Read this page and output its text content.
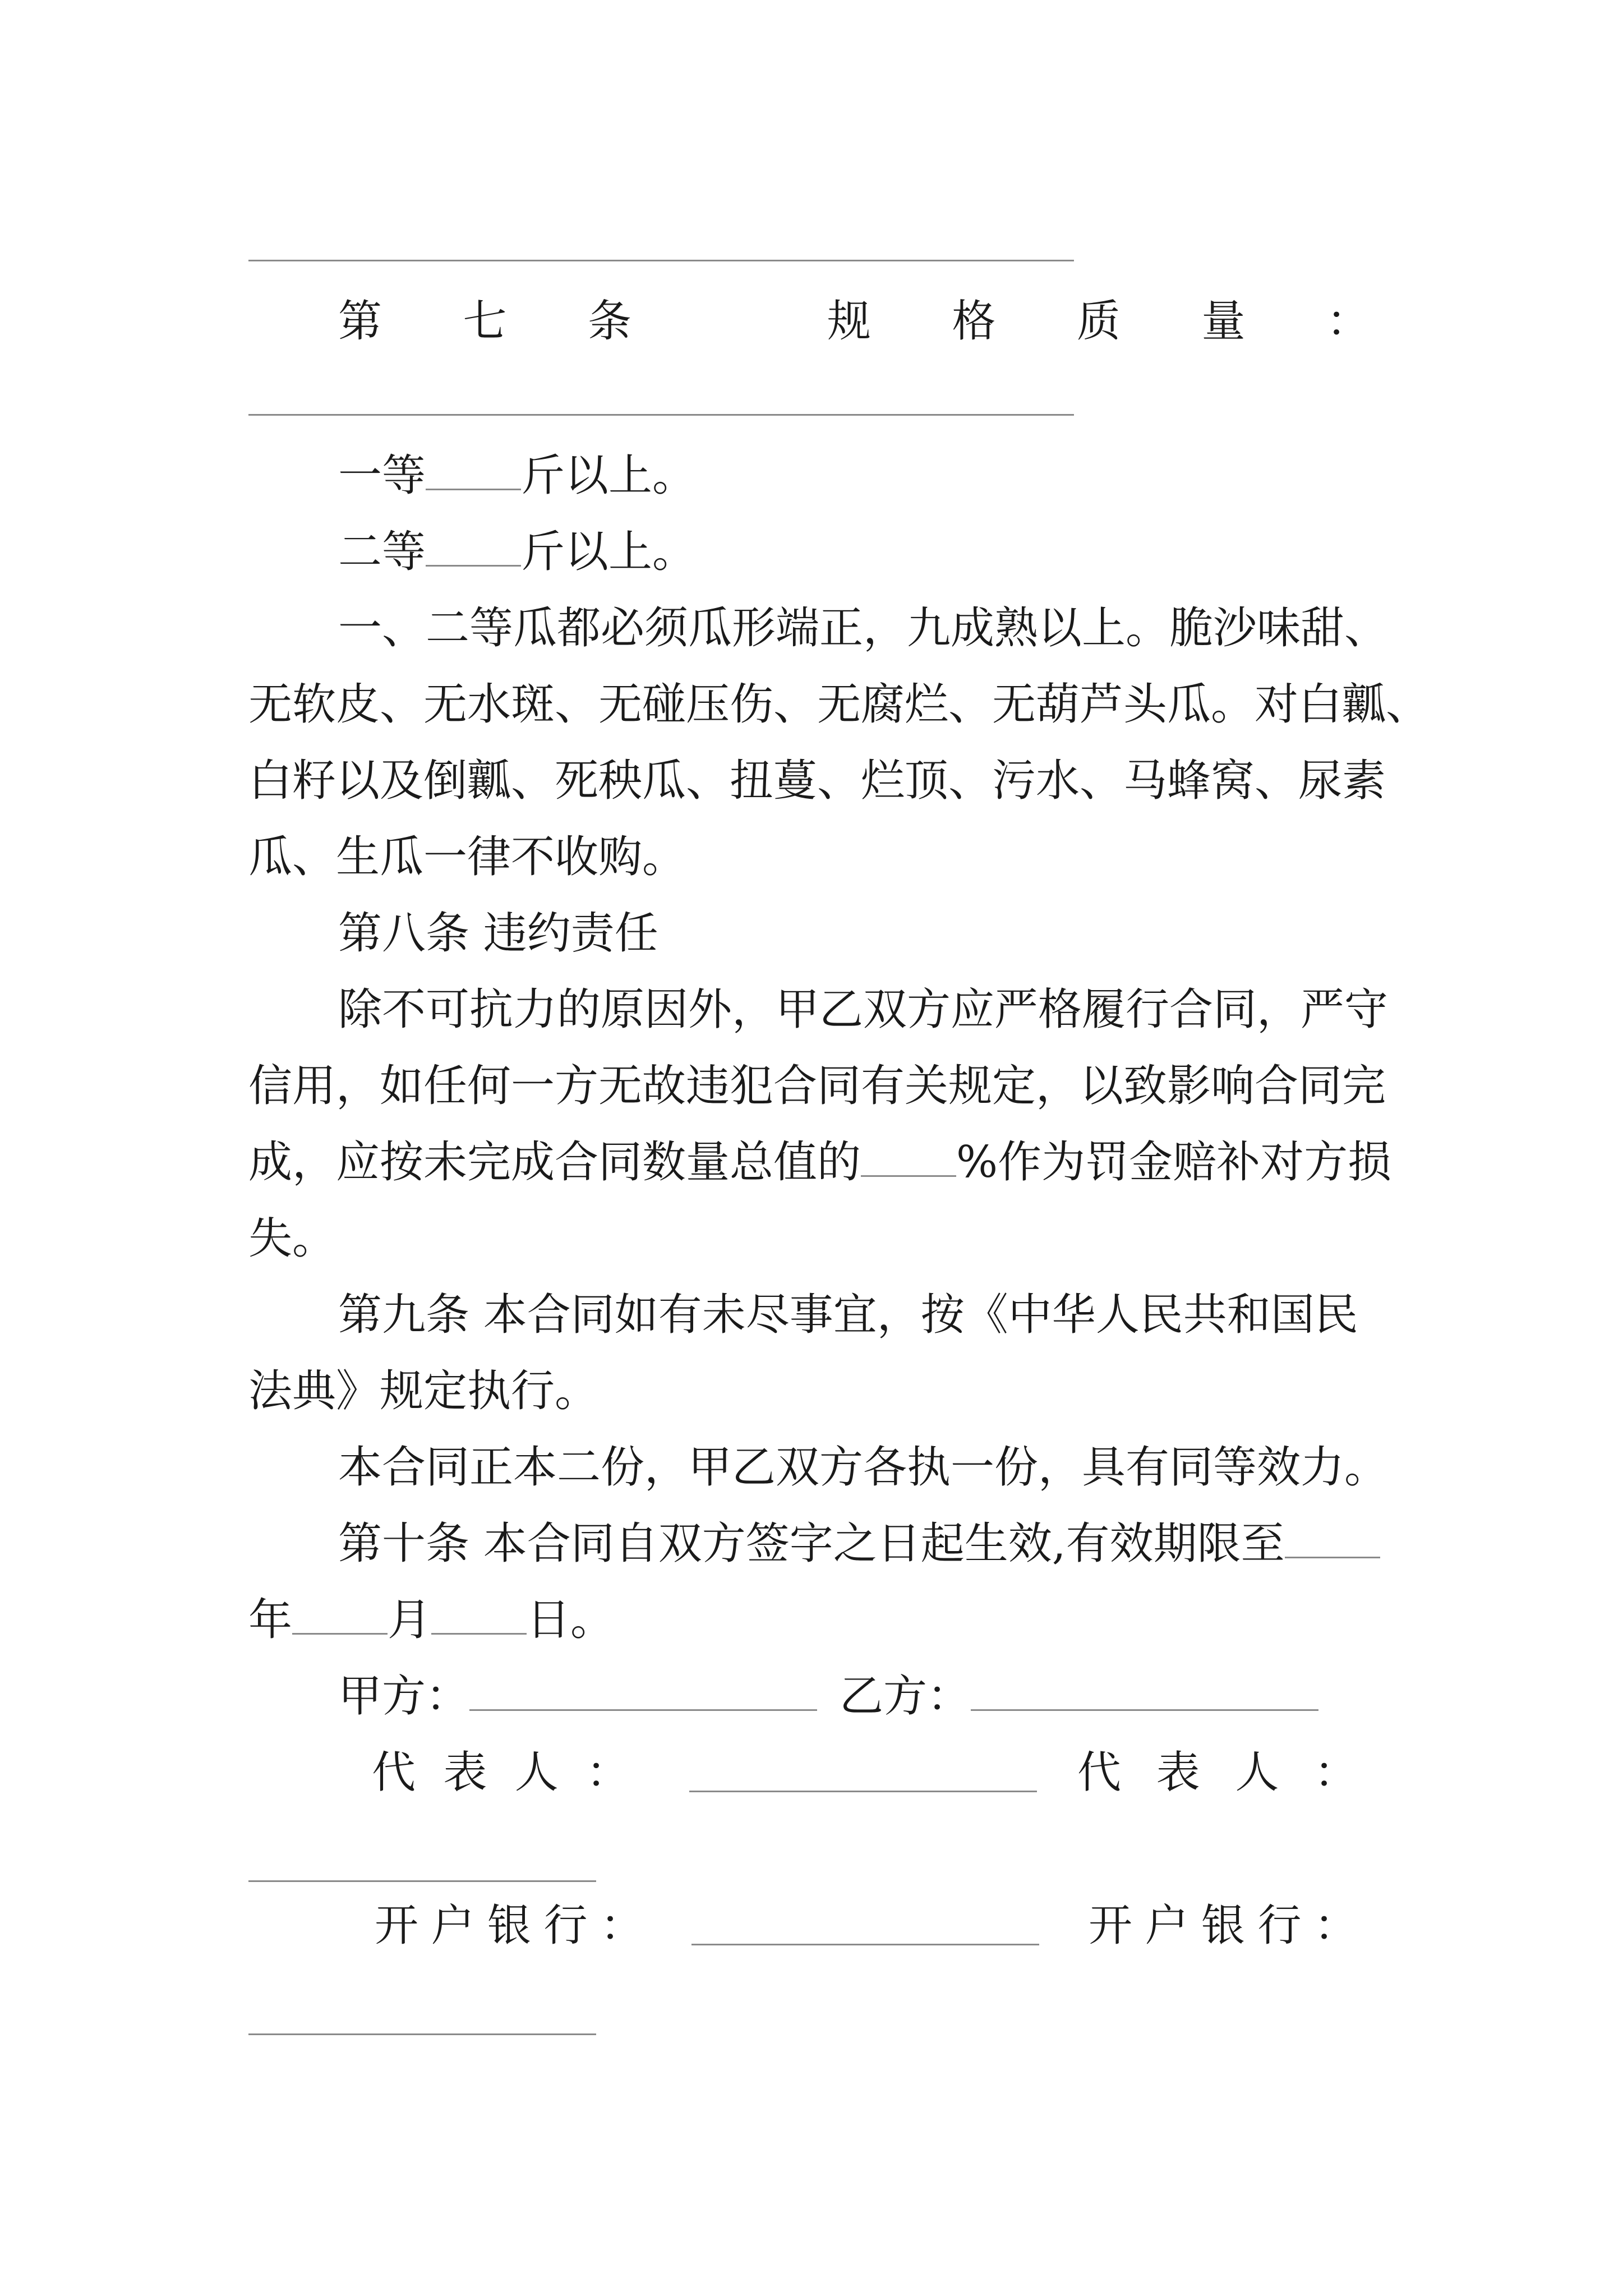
第 七 条	规 格 质 量 ：
一等 斤以上。
二等 斤以上。
一、二等瓜都必须瓜形端正，九成熟以上。脆沙味甜、
无软皮、无水斑、无碰压伤、无腐烂、无葫芦头瓜。对白瓤、
白籽以及倒瓤、死秧瓜、扭蔓、烂顶、污水、马蜂窝、尿素
瓜、生瓜一律不收购。
第八条 违约责任
除不可抗力的原因外，甲乙双方应严格履行合同，严守
信用，如任何一方无故违犯合同有关规定，以致影响合同完
成，应按未完成合同数量总值的 %作为罚金赔补对方损
失。
第九条 本合同如有未尽事宜，按《中华人民共和国民
法典》规定执行。
本合同正本二份，甲乙双方各执一份，具有同等效力。
第十条 本合同自双方签字之日起生效,有效期限至
年 月 日。
甲方：	乙方：
代 表 人 ：	代 表 人 ：
开 户 银 行 ：	开 户 银 行 ：
